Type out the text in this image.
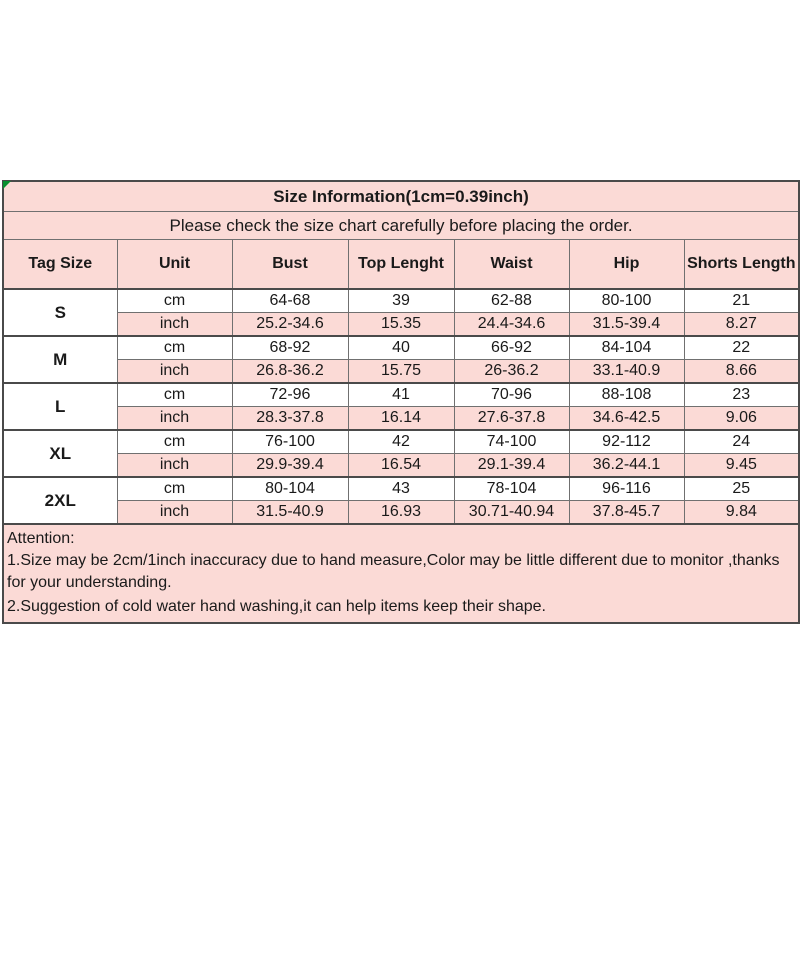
Size Information(1cm=0.39inch)						
Please check the size chart carefully before placing the order.						
Tag Size	Unit	Bust	Top Lenght	Waist	Hip	Shorts Length
S	cm	64-68	39	62-88	80-100	21
	inch	25.2-34.6	15.35	24.4-34.6	31.5-39.4	8.27
M	cm	68-92	40	66-92	84-104	22
	inch	26.8-36.2	15.75	26-36.2	33.1-40.9	8.66
L	cm	72-96	41	70-96	88-108	23
	inch	28.3-37.8	16.14	27.6-37.8	34.6-42.5	9.06
XL	cm	76-100	42	74-100	92-112	24
	inch	29.9-39.4	16.54	29.1-39.4	36.2-44.1	9.45
2XL	cm	80-104	43	78-104	96-116	25
	inch	31.5-40.9	16.93	30.71-40.94	37.8-45.7	9.84

Attention:

1.Size may be 2cm/1inch inaccuracy due to hand measure,Color may be little different due to monitor ,thanks for your understanding.

2.Suggestion of cold water hand washing,it can help items keep their shape.						
